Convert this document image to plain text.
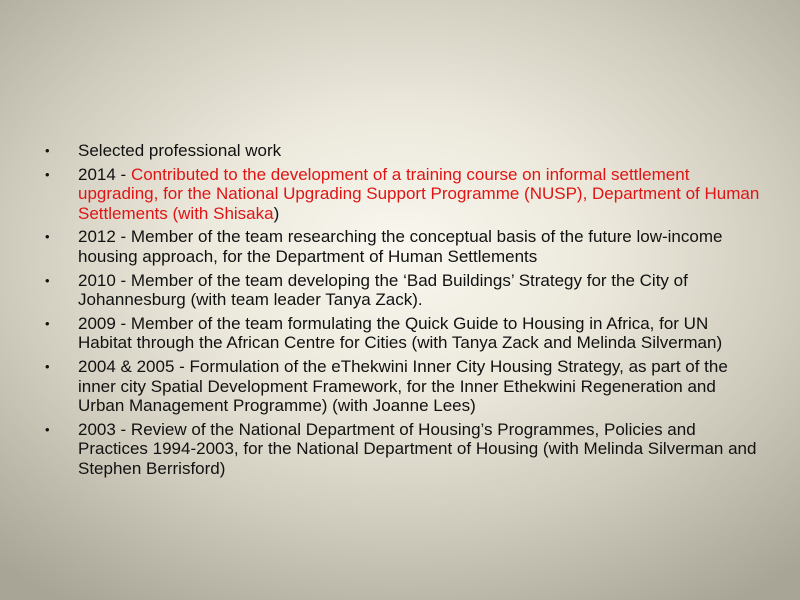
• Selected professional work
• 2014 - Contributed to the development of a training course on informal settlement upgrading, for the National Upgrading Support Programme (NUSP), Department of Human Settlements (with Shisaka)
• 2012 - Member of the team researching the conceptual basis of the future low-income housing approach, for the Department of Human Settlements
• 2010 - Member of the team developing the ‘Bad Buildings’ Strategy for the City of Johannesburg (with team leader Tanya Zack).
• 2009 - Member of the team formulating the Quick Guide to Housing in Africa, for UN Habitat through the African Centre for Cities (with Tanya Zack and Melinda Silverman)
• 2004 & 2005 - Formulation of the eThekwini Inner City Housing Strategy, as part of the inner city Spatial Development Framework, for the Inner Ethekwini Regeneration and Urban Management Programme) (with Joanne Lees)
• 2003 - Review of the National Department of Housing’s Programmes, Policies and Practices 1994-2003, for the National Department of Housing (with Melinda Silverman and Stephen Berrisford)
